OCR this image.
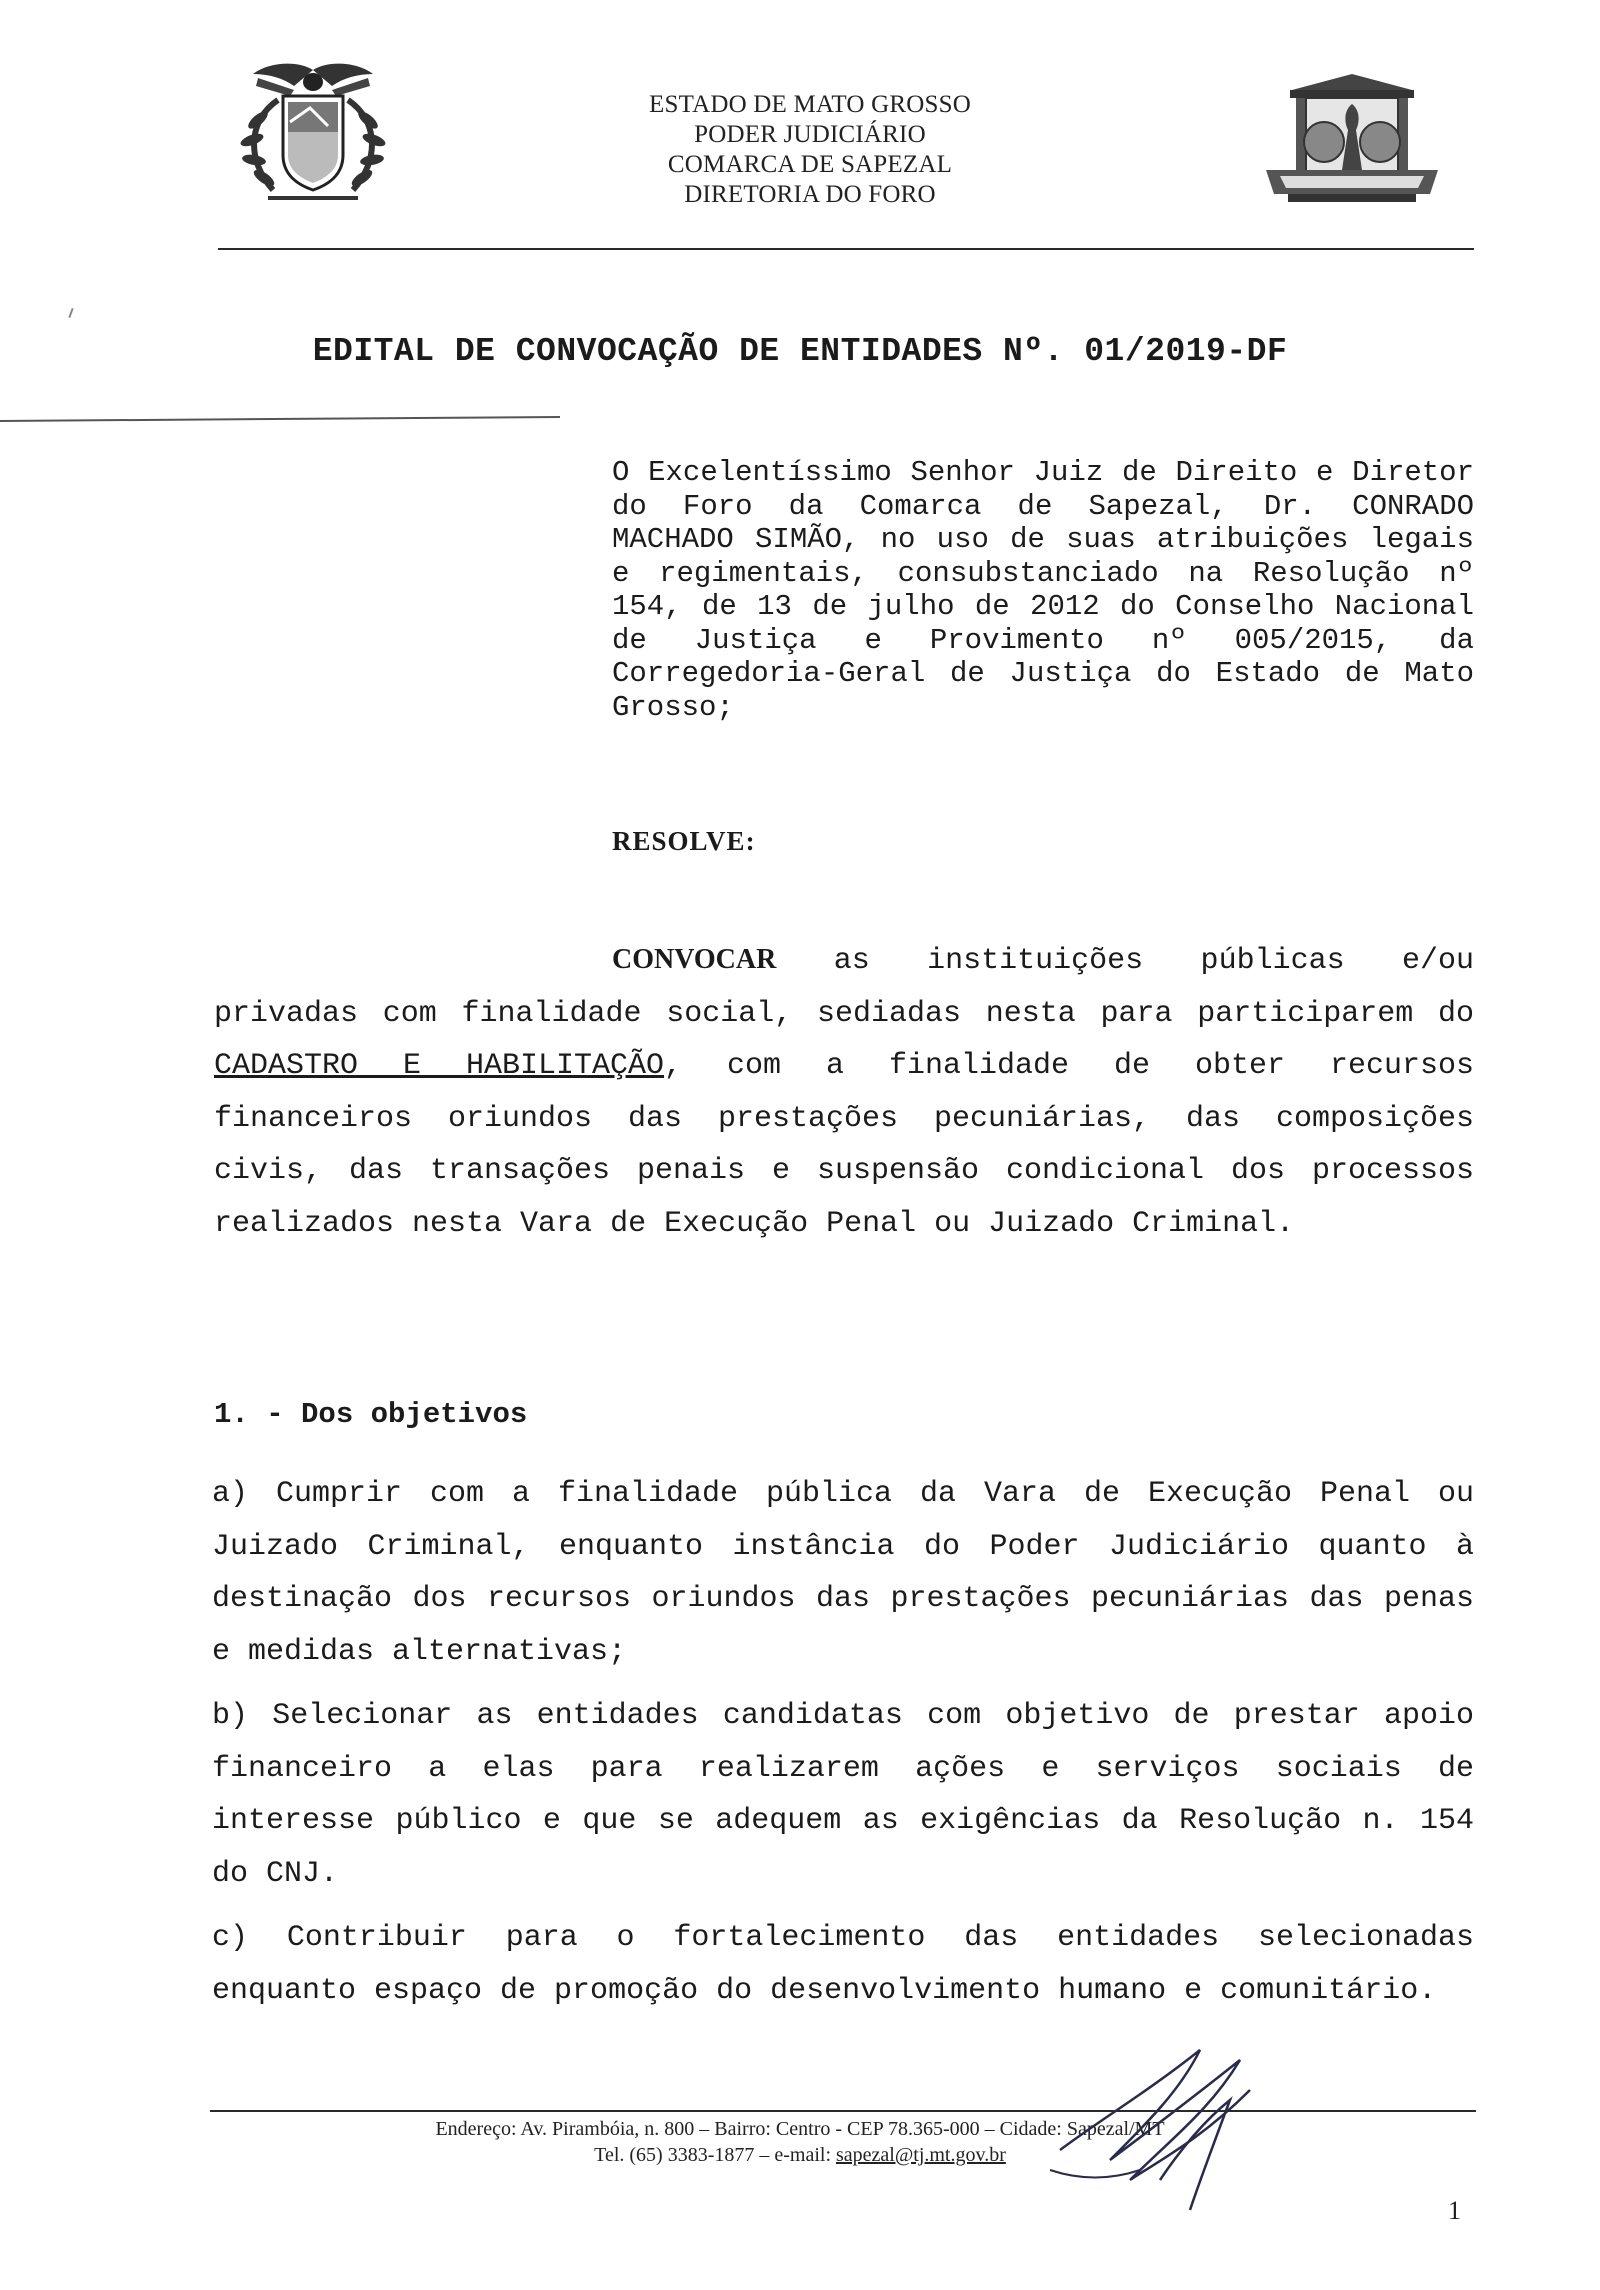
ESTADO DE MATO GROSSO
PODER JUDICIÁRIO
COMARCA DE SAPEZAL
DIRETORIA DO FORO
EDITAL DE CONVOCAÇÃO DE ENTIDADES Nº. 01/2019-DF
O Excelentíssimo Senhor Juiz de Direito e Diretor do Foro da Comarca de Sapezal, Dr. CONRADO MACHADO SIMÃO, no uso de suas atribuições legais e regimentais, consubstanciado na Resolução nº 154, de 13 de julho de 2012 do Conselho Nacional de Justiça e Provimento nº 005/2015, da Corregedoria-Geral de Justiça do Estado de Mato Grosso;
RESOLVE:
CONVOCAR as instituições públicas e/ou privadas com finalidade social, sediadas nesta para participarem do CADASTRO E HABILITAÇÃO, com a finalidade de obter recursos financeiros oriundos das prestações pecuniárias, das composições civis, das transações penais e suspensão condicional dos processos realizados nesta Vara de Execução Penal ou Juizado Criminal.
1. - Dos objetivos
a) Cumprir com a finalidade pública da Vara de Execução Penal ou Juizado Criminal, enquanto instância do Poder Judiciário quanto à destinação dos recursos oriundos das prestações pecuniárias das penas e medidas alternativas;
b) Selecionar as entidades candidatas com objetivo de prestar apoio financeiro a elas para realizarem ações e serviços sociais de interesse público e que se adequem as exigências da Resolução n. 154 do CNJ.
c) Contribuir para o fortalecimento das entidades selecionadas enquanto espaço de promoção do desenvolvimento humano e comunitário.
Endereço: Av. Pirambóia, n. 800 – Bairro: Centro - CEP 78.365-000 – Cidade: Sapezal/MT
Tel. (65) 3383-1877 – e-mail: sapezal@tj.mt.gov.br
1
